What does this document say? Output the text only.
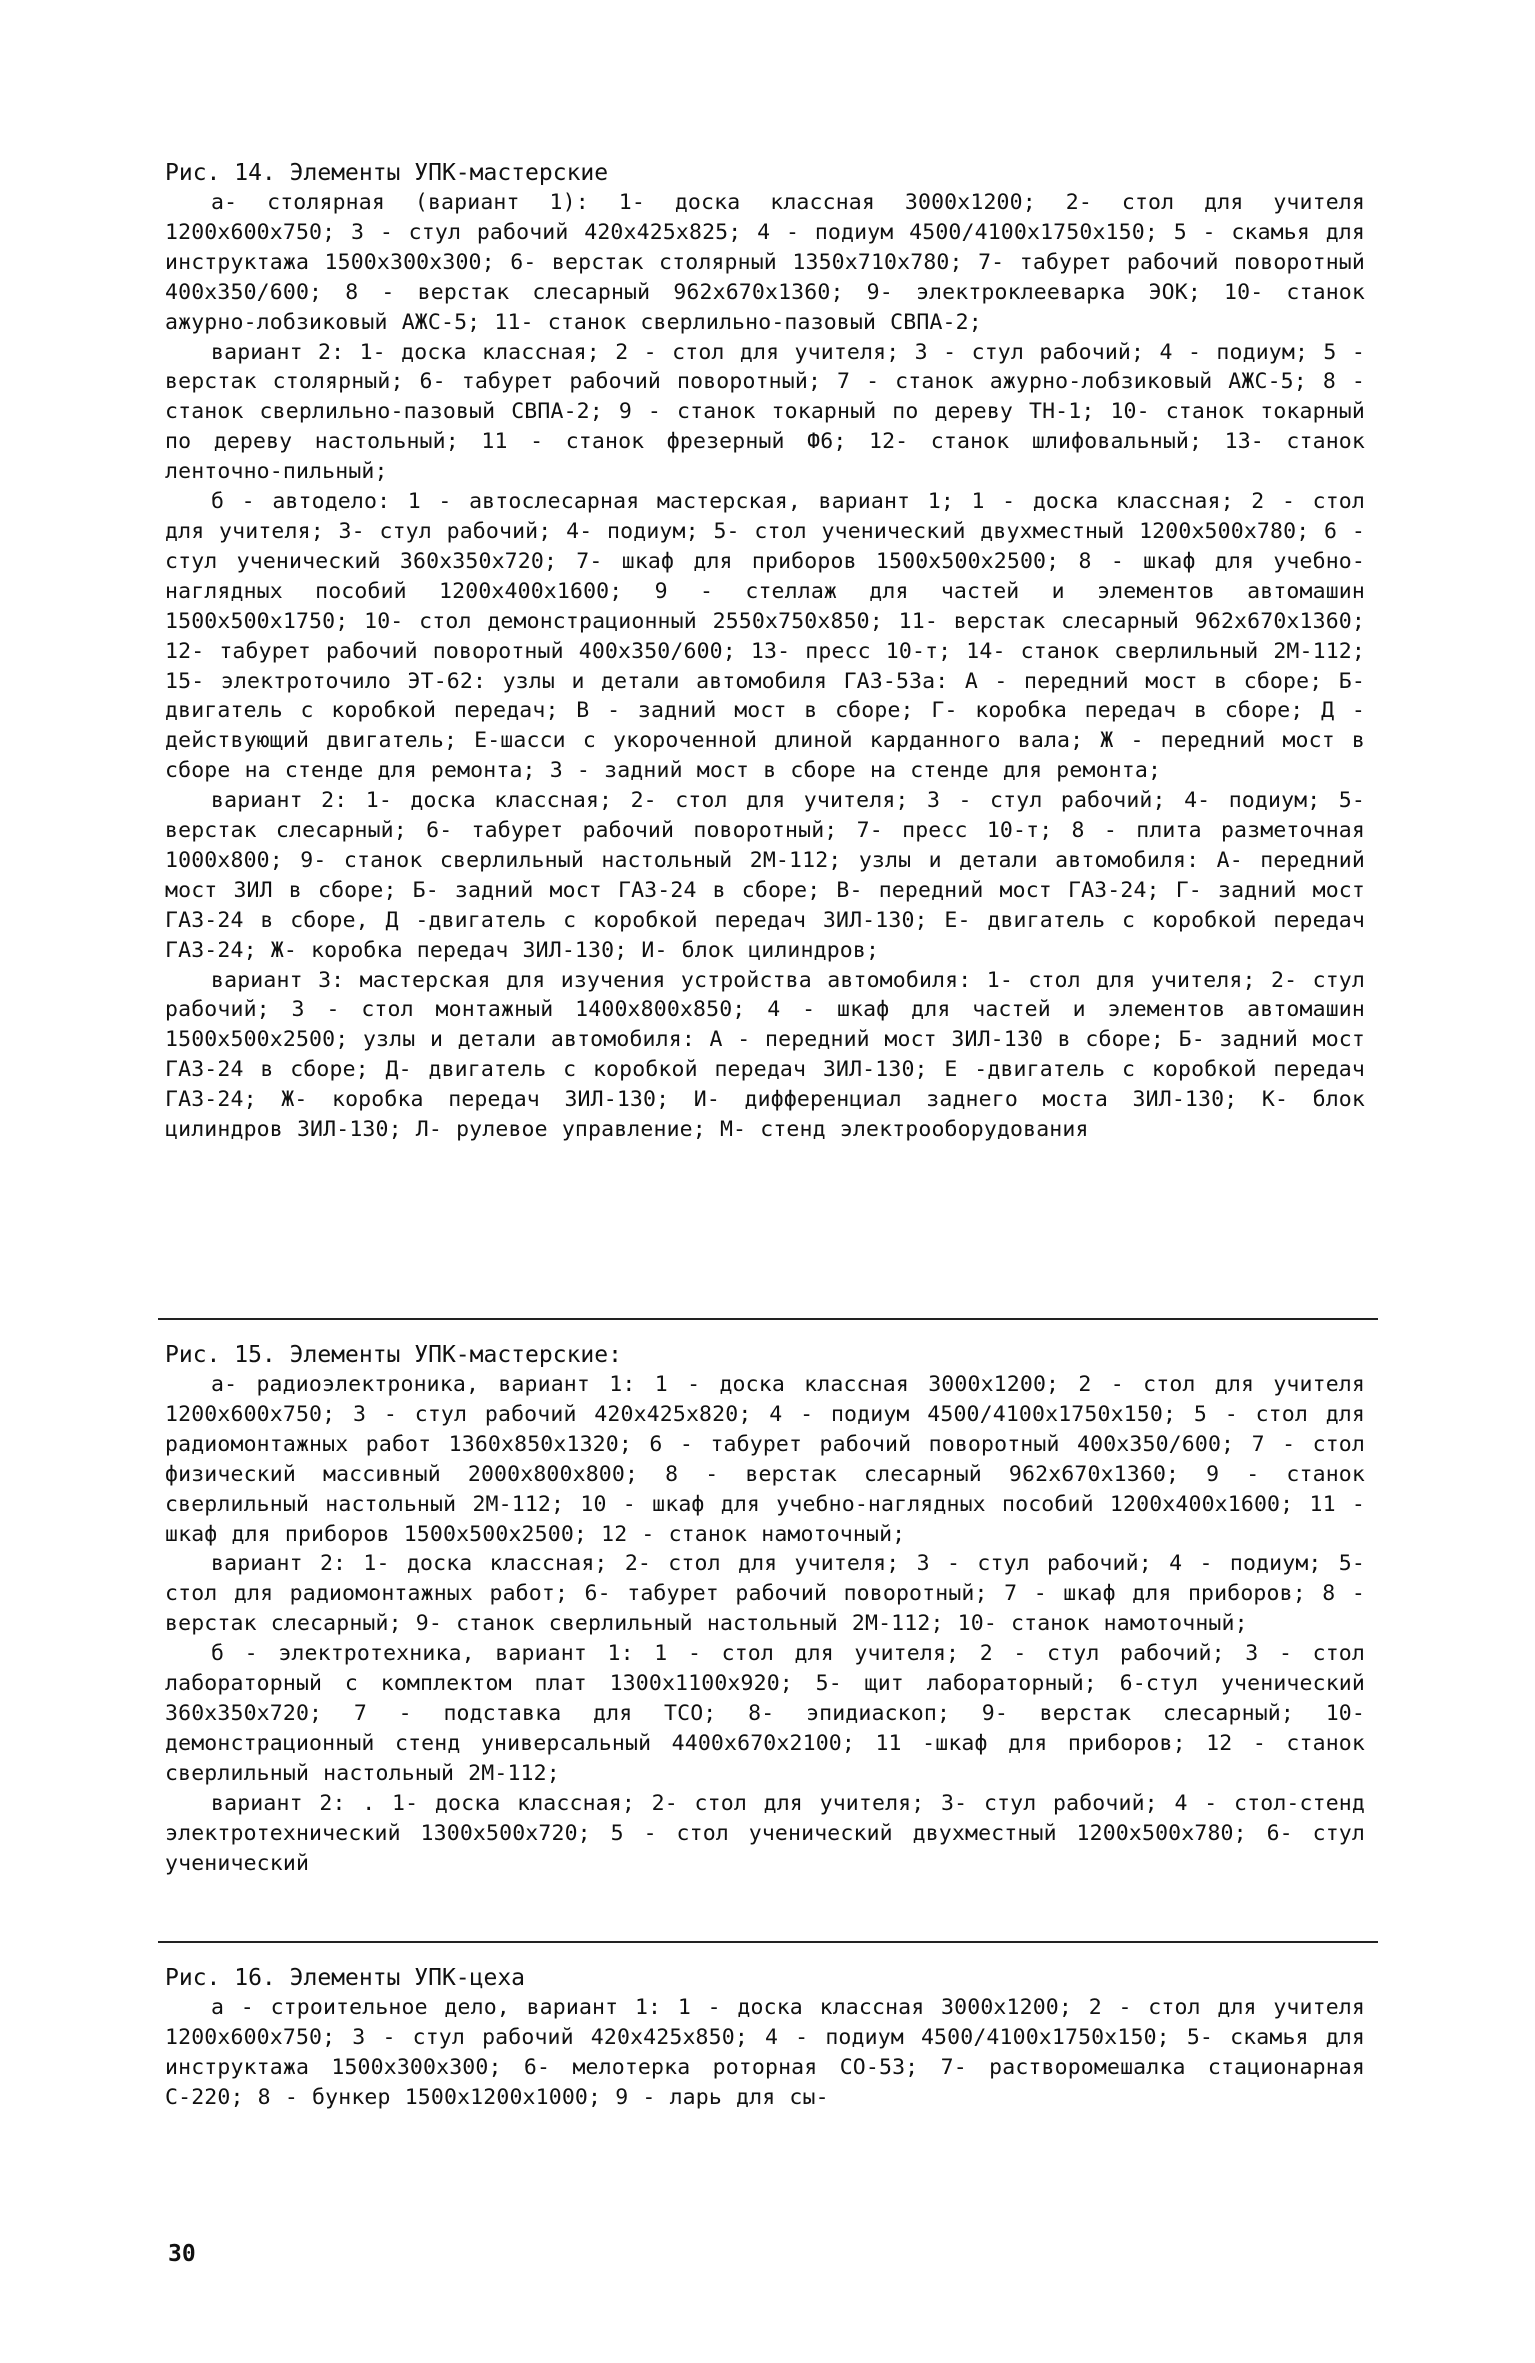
Рис. 14. Элементы УПК-мастерские

а- столярная (вариант 1): 1- доска классная 3000x1200; 2- стол для учителя 1200x600x750; 3 - стул рабочий 420x425x825; 4 - подиум 4500/4100x1750x150; 5 - скамья для инструктажа 1500x300x300; 6- верстак столярный 1350x710x780; 7- табурет рабочий поворотный 400x350/600; 8 - верстак слесарный 962x670x1360; 9- электроклееварка ЭОК; 10- станок ажурно-лобзиковый АЖС-5; 11- станок сверлильно-пазовый СВПА-2;

вариант 2: 1- доска классная; 2 - стол для учителя; 3 - стул рабочий; 4 - подиум; 5 - верстак столярный; 6- табурет рабочий поворотный; 7 - станок ажурно-лобзиковый АЖС-5; 8 - станок сверлильно-пазовый СВПА-2; 9 - станок токарный по дереву ТН-1; 10- станок токарный по дереву настольный; 11 - станок фрезерный Ф6; 12- станок шлифовальный; 13- станок ленточно-пильный;

б - автодело: 1 - автослесарная мастерская, вариант 1; 1 - доска классная; 2 - стол для учителя; 3- стул рабочий; 4- подиум; 5- стол ученический двухместный 1200x500x780; 6 - стул ученический 360x350x720; 7- шкаф для приборов 1500x500x2500; 8 - шкаф для учебно-наглядных пособий 1200x400x1600; 9 - стеллаж для частей и элементов автомашин 1500x500x1750; 10- стол демонстрационный 2550x750x850; 11- верстак слесарный 962x670x1360; 12- табурет рабочий поворотный 400x350/600; 13- пресс 10-т; 14- станок сверлильный 2М-112; 15- электроточило ЭТ-62: узлы и детали автомобиля ГАЗ-53а: А - передний мост в сборе; Б- двигатель с коробкой передач; В - задний мост в сборе; Г- коробка передач в сборе; Д - действующий двигатель; Е-шасси с укороченной длиной карданного вала; Ж - передний мост в сборе на стенде для ремонта; З - задний мост в сборе на стенде для ремонта;

вариант 2: 1- доска классная; 2- стол для учителя; 3 - стул рабочий; 4- подиум; 5- верстак слесарный; 6- табурет рабочий поворотный; 7- пресс 10-т; 8 - плита разметочная 1000x800; 9- станок сверлильный настольный 2М-112; узлы и детали автомобиля: А- передний мост ЗИЛ в сборе; Б- задний мост ГАЗ-24 в сборе; В- передний мост ГАЗ-24; Г- задний мост ГАЗ-24 в сборе, Д -двигатель с коробкой передач ЗИЛ-130; Е- двигатель с коробкой передач ГАЗ-24; Ж- коробка передач ЗИЛ-130; И- блок цилиндров;

вариант 3: мастерская для изучения устройства автомобиля: 1- стол для учителя; 2- стул рабочий; 3 - стол монтажный 1400x800x850; 4 - шкаф для частей и элементов автомашин 1500x500x2500; узлы и детали автомобиля: А - передний мост ЗИЛ-130 в сборе; Б- задний мост ГАЗ-24 в сборе; Д- двигатель с коробкой передач ЗИЛ-130; Е -двигатель с коробкой передач ГАЗ-24; Ж- коробка передач ЗИЛ-130; И- дифференциал заднего моста ЗИЛ-130; К- блок цилиндров ЗИЛ-130; Л- рулевое управление; М- стенд электрооборудования

Рис. 15. Элементы УПК-мастерские:

а- радиоэлектроника, вариант 1: 1 - доска классная 3000x1200; 2 - стол для учителя 1200x600x750; 3 - стул рабочий 420x425x820; 4 - подиум 4500/4100x1750x150; 5 - стол для радиомонтажных работ 1360x850x1320; 6 - табурет рабочий поворотный 400x350/600; 7 - стол физический массивный 2000x800x800; 8 - верстак слесарный 962x670x1360; 9 - станок сверлильный настольный 2М-112; 10 - шкаф для учебно-наглядных пособий 1200x400x1600; 11 - шкаф для приборов 1500x500x2500; 12 - станок намоточный;

вариант 2: 1- доска классная; 2- стол для учителя; 3 - стул рабочий; 4 - подиум; 5- стол для радиомонтажных работ; 6- табурет рабочий поворотный; 7 - шкаф для приборов; 8 - верстак слесарный; 9- станок сверлильный настольный 2М-112; 10- станок намоточный;

б - электротехника, вариант 1: 1 - стол для учителя; 2 - стул рабочий; 3 - стол лабораторный с комплектом плат 1300x1100x920; 5- щит лабораторный; 6-стул ученический 360x350x720; 7 - подставка для ТСО; 8- эпидиаскоп; 9- верстак слесарный; 10- демонстрационный стенд универсальный 4400x670x2100; 11 -шкаф для приборов; 12 - станок сверлильный настольный 2М-112;

вариант 2: . 1- доска классная; 2- стол для учителя; 3- стул рабочий; 4 - стол-стенд электротехнический 1300x500x720; 5 - стол ученический двухместный 1200x500x780; 6- стул ученический

Рис. 16. Элементы УПК-цеха

а - строительное дело, вариант 1: 1 - доска классная 3000x1200; 2 - стол для учителя 1200x600x750; 3 - стул рабочий 420x425x850; 4 - подиум 4500/4100x1750x150; 5- скамья для инструктажа 1500x300x300; 6- мелотерка роторная СО-53; 7- растворомешалка стационарная С-220; 8 - бункер 1500x1200x1000; 9 - ларь для сы-

30
